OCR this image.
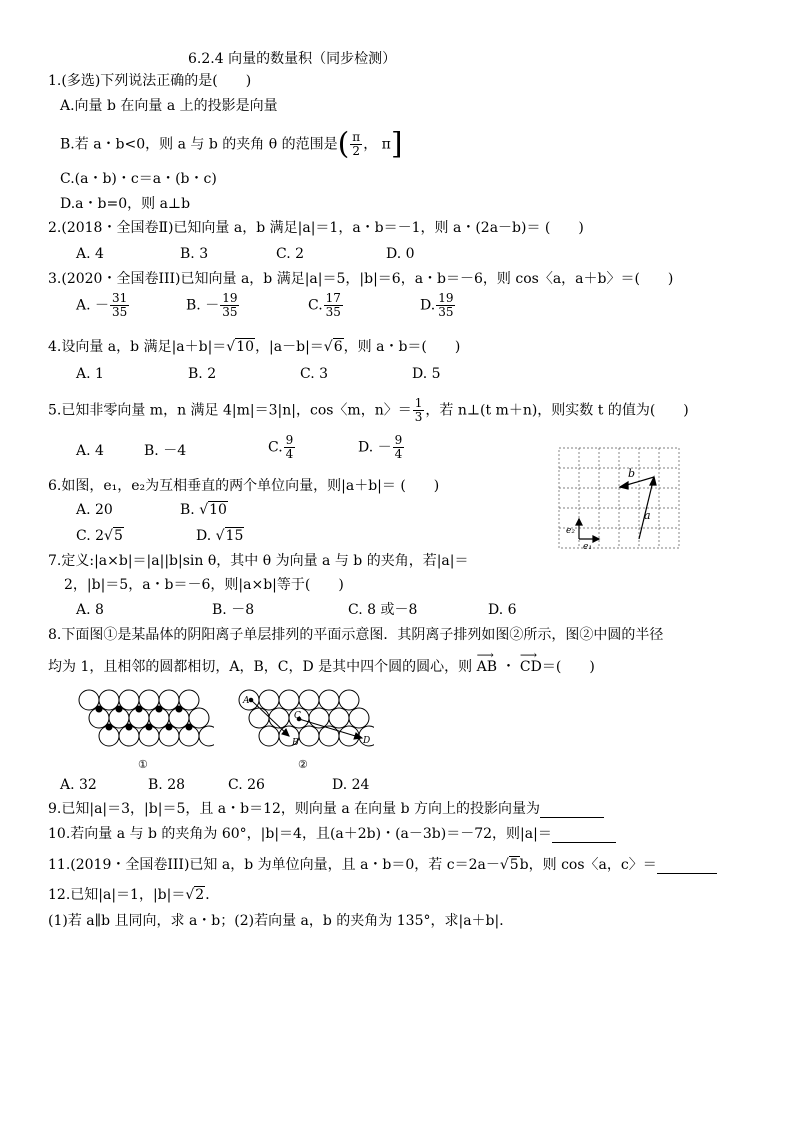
6.2.4 向量的数量积（同步检测）
1.(多选)下列说法正确的是(　　)
A.向量 b 在向量 a 上的投影是向量
B.若 a・b<0，则 a 与 b 的夹角 θ 的范围是( $\frac{\pi}{2}$ ， π]
C.(a・b)・c＝a・(b・c)
D.a・b=0，则 a⊥b
2.(2018・全国卷Ⅱ)已知向量 a，b 满足|a|＝1，a・b＝－1，则 a・(2a－b)＝ (　　)
A. 4	B. 3	C. 2	D. 0
3.(2020・全国卷III)已知向量 a，b 满足|a|＝5，|b|＝6，a・b＝－6，则 cos〈a，a＋b〉＝(　　)
A. － $\frac{31}{35}$	B. － $\frac{19}{35}$	C. $\frac{17}{35}$	D. $\frac{19}{35}$
4.设向量 a，b 满足|a＋b|＝√10，|a－b|＝√6，则 a・b＝(　　)
A. 1	B. 2	C. 3	D. 5
5.已知非零向量 m，n 满足 4|m|＝3|n|，cos〈m，n〉＝ $\frac{1}{3}$ ，若 n⊥(t m＋n)，则实数 t 的值为(　　)
A. 4	B. －4	C. $\frac{9}{4}$	D. － $\frac{9}{4}$
6.如图，e₁，e₂为互相垂直的两个单位向量，则|a＋b|＝ (　　)
A. 20	B. √10
C. 2√5	D. √15
a
b
e₁
e₂
7.定义:|a×b|＝|a||b|sin θ，其中 θ 为向量 a 与 b 的夹角，若|a|＝
2，|b|＝5，a・b＝－6，则|a×b|等于(　　)
A. 8	B. －8	C. 8 或－8	D. 6
8.下面图①是某晶体的阴阳离子单层排列的平面示意图．其阴离子排列如图②所示，图②中圆的半径
均为 1，且相邻的圆都相切，A，B，C，D 是其中四个圆的圆心，则 ⟶ AB ・ ⟶ CD＝(　　)
①
A
B
C
D
②
A. 32	B. 28	C. 26	D. 24
9.已知|a|＝3，|b|＝5，且 a・b＝12，则向量 a 在向量 b 方向上的投影向量为
10.若向量 a 与 b 的夹角为 60°，|b|＝4，且(a＋2b)・(a－3b)＝－72，则|a|＝
11.(2019・全国卷III)已知 a，b 为单位向量，且 a・b＝0，若 c＝2a－√5b，则 cos〈a，c〉＝
12.已知|a|＝1，|b|＝√2．
(1)若 a∥b 且同向，求 a・b；(2)若向量 a，b 的夹角为 135°，求|a＋b|．
